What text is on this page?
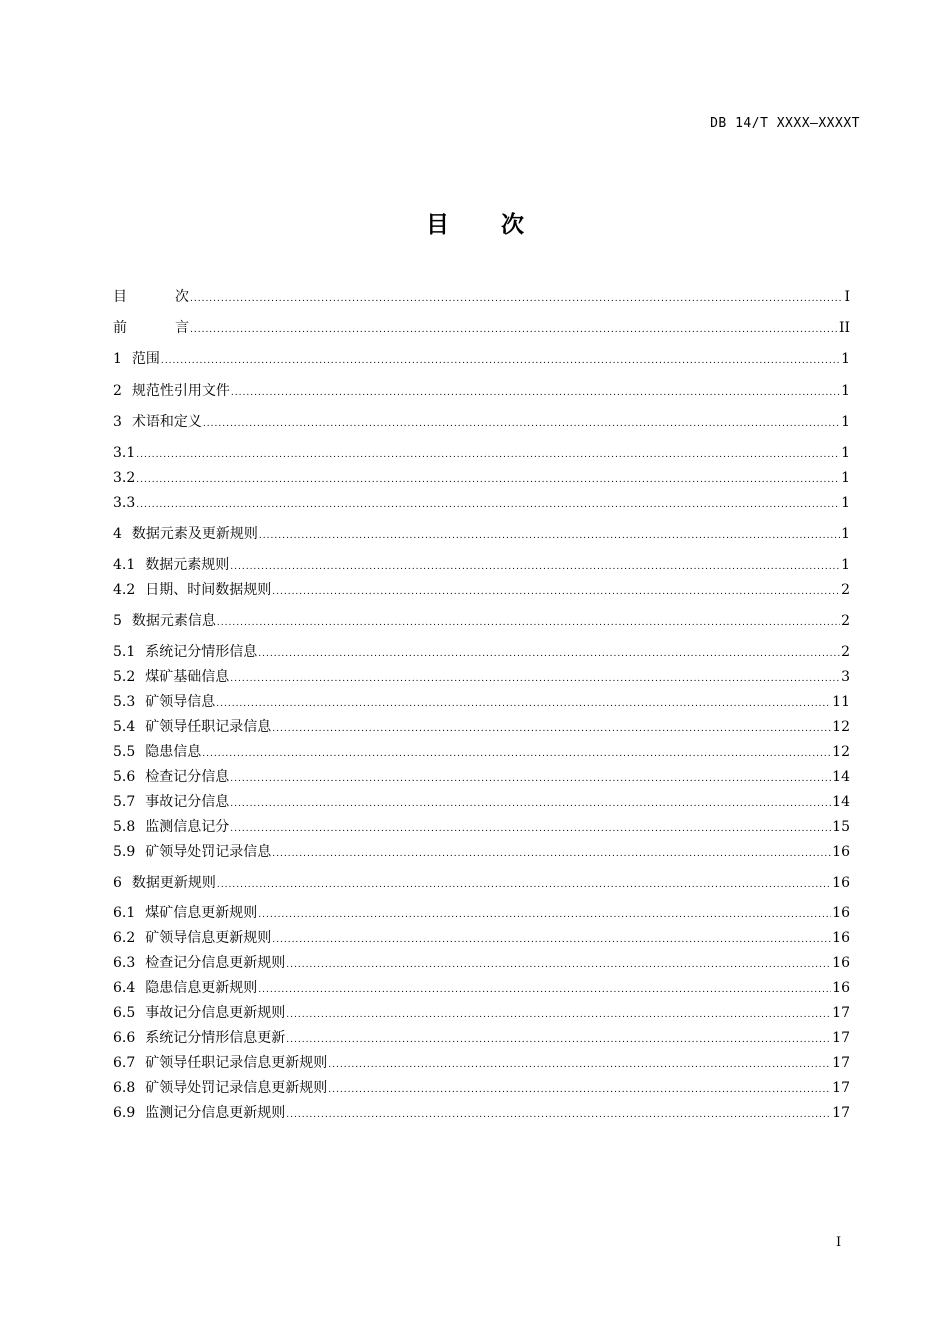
DB 14/T XXXX—XXXXT
目 次
目	次 .....	I
前	言 .....	II
1 范围 .....	1
2 规范性引用文件 .....	1
3 术语和定义 .....	1
3.1 .....	1
3.2 .....	1
3.3 .....	1
4 数据元素及更新规则 .....	1
4.1 数据元素规则 .....	1
4.2 日期、时间数据规则 .....	2
5 数据元素信息 .....	2
5.1 系统记分情形信息 .....	2
5.2 煤矿基础信息 .....	3
5.3 矿领导信息 .....	11
5.4 矿领导任职记录信息 .....	12
5.5 隐患信息 .....	12
5.6 检查记分信息 .....	14
5.7 事故记分信息 .....	14
5.8 监测信息记分 .....	15
5.9 矿领导处罚记录信息 .....	16
6 数据更新规则 .....	16
6.1 煤矿信息更新规则 .....	16
6.2 矿领导信息更新规则 .....	16
6.3 检查记分信息更新规则 .....	16
6.4 隐患信息更新规则 .....	16
6.5 事故记分信息更新规则 .....	17
6.6 系统记分情形信息更新 .....	17
6.7 矿领导任职记录信息更新规则 .....	17
6.8 矿领导处罚记录信息更新规则 .....	17
6.9 监测记分信息更新规则 .....	17
I
